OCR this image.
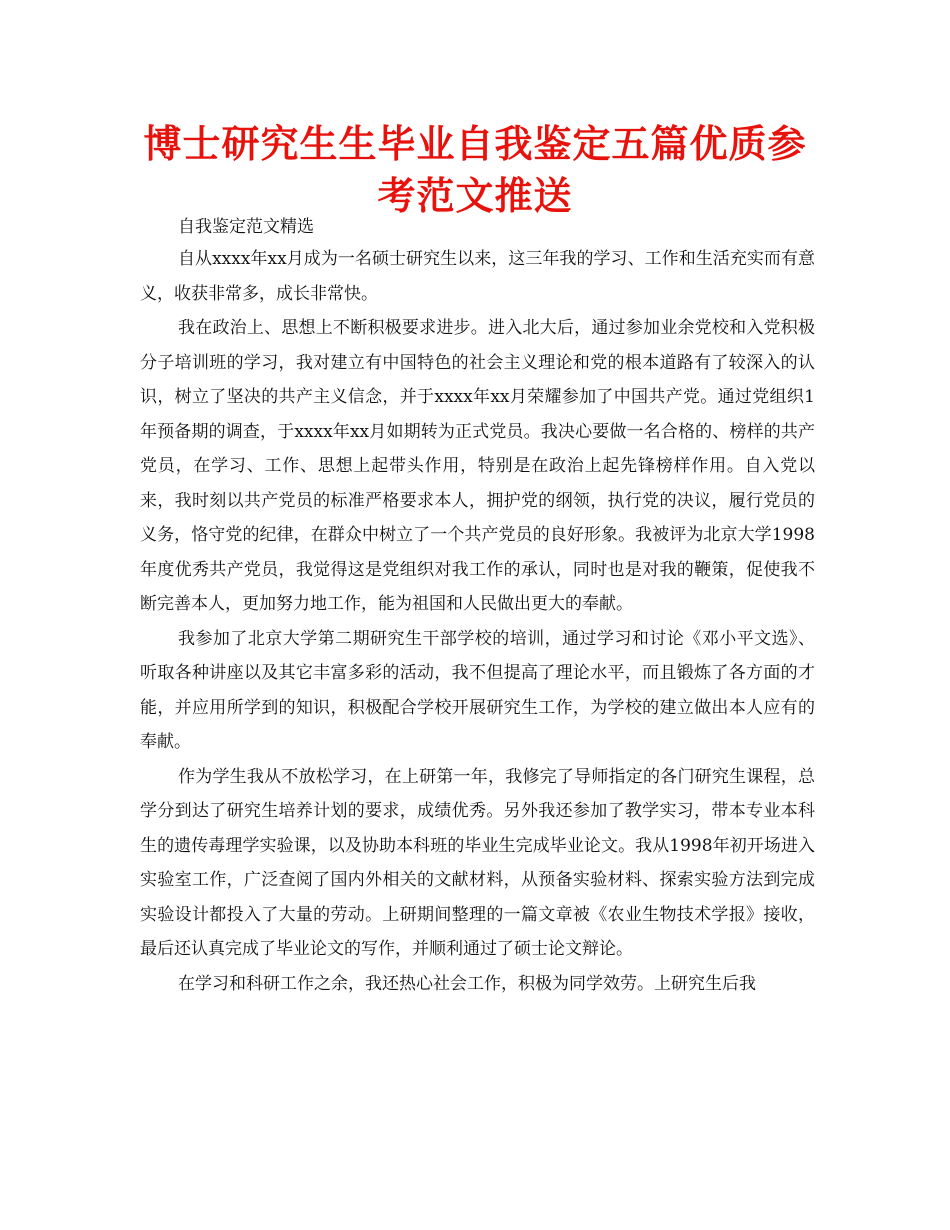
博士研究生生毕业自我鉴定五篇优质参考范文推送

自我鉴定范文精选

自从xxxx年xx月成为一名硕士研究生以来，这三年我的学习、工作和生活充实而有意义，收获非常多，成长非常快。

我在政治上、思想上不断积极要求进步。进入北大后，通过参加业余党校和入党积极分子培训班的学习，我对建立有中国特色的社会主义理论和党的根本道路有了较深入的认识，树立了坚决的共产主义信念，并于xxxx年xx月荣耀参加了中国共产党。通过党组织1年预备期的调查，于xxxx年xx月如期转为正式党员。我决心要做一名合格的、榜样的共产党员，在学习、工作、思想上起带头作用，特别是在政治上起先锋榜样作用。自入党以来，我时刻以共产党员的标准严格要求本人，拥护党的纲领，执行党的决议，履行党员的义务，恪守党的纪律，在群众中树立了一个共产党员的良好形象。我被评为北京大学1998年度优秀共产党员，我觉得这是党组织对我工作的承认，同时也是对我的鞭策，促使我不断完善本人，更加努力地工作，能为祖国和人民做出更大的奉献。

我参加了北京大学第二期研究生干部学校的培训，通过学习和讨论《邓小平文选》、听取各种讲座以及其它丰富多彩的活动，我不但提高了理论水平，而且锻炼了各方面的才能，并应用所学到的知识，积极配合学校开展研究生工作，为学校的建立做出本人应有的奉献。

作为学生我从不放松学习，在上研第一年，我修完了导师指定的各门研究生课程，总学分到达了研究生培养计划的要求，成绩优秀。另外我还参加了教学实习，带本专业本科生的遗传毒理学实验课，以及协助本科班的毕业生完成毕业论文。我从1998年初开场进入实验室工作，广泛查阅了国内外相关的文献材料，从预备实验材料、探索实验方法到完成实验设计都投入了大量的劳动。上研期间整理的一篇文章被《农业生物技术学报》接收，最后还认真完成了毕业论文的写作，并顺利通过了硕士论文辩论。

在学习和科研工作之余，我还热心社会工作，积极为同学效劳。上研究生后我
